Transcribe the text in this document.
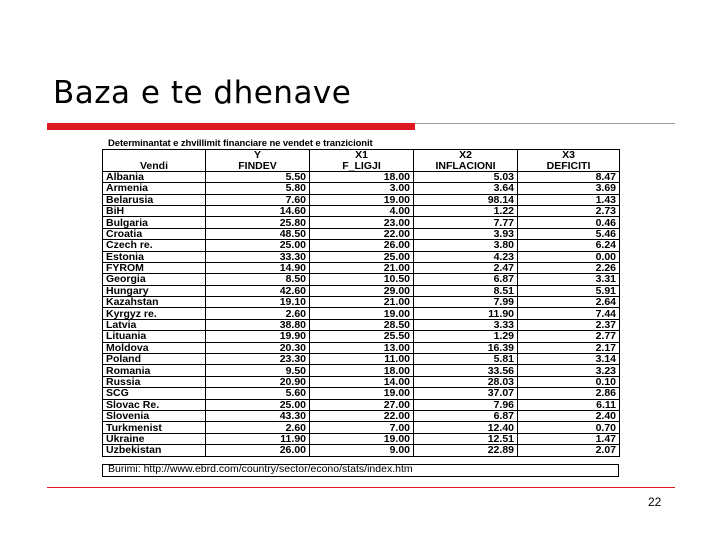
Baza e te dhenave
Determinantat e zhvillimit financiare ne vendet e tranzicionit
	Y	X1	X2	X3
Vendi	FINDEV	F_LIGJI	INFLACIONI	DEFICITI
Albania	5.50	18.00	5.03	8.47
Armenia	5.80	3.00	3.64	3.69
Belarusia	7.60	19.00	98.14	1.43
BiH	14.60	4.00	1.22	2.73
Bulgaria	25.80	23.00	7.77	0.46
Croatia	48.50	22.00	3.93	5.46
Czech re.	25.00	26.00	3.80	6.24
Estonia	33.30	25.00	4.23	0.00
FYROM	14.90	21.00	2.47	2.26
Georgia	8.50	10.50	6.87	3.31
Hungary	42.60	29.00	8.51	5.91
Kazahstan	19.10	21.00	7.99	2.64
Kyrgyz re.	2.60	19.00	11.90	7.44
Latvia	38.80	28.50	3.33	2.37
Lituania	19.90	25.50	1.29	2.77
Moldova	20.30	13.00	16.39	2.17
Poland	23.30	11.00	5.81	3.14
Romania	9.50	18.00	33.56	3.23
Russia	20.90	14.00	28.03	0.10
SCG	5.60	19.00	37.07	2.86
Slovac Re.	25.00	27.00	7.96	6.11
Slovenia	43.30	22.00	6.87	2.40
Turkmenist	2.60	7.00	12.40	0.70
Ukraine	11.90	19.00	12.51	1.47
Uzbekistan	26.00	9.00	22.89	2.07
Burimi: http://www.ebrd.com/country/sector/econo/stats/index.htm
22
